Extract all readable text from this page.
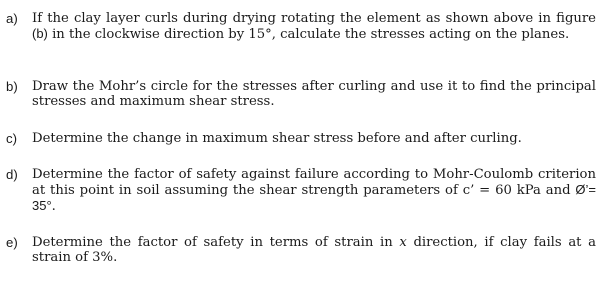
a)	If the clay layer curls during drying rotating the element as shown above in figure (b) in the clockwise direction by 15°, calculate the stresses acting on the planes.
b)	Draw the Mohr’s circle for the stresses after curling and use it to find the principal stresses and maximum shear stress.
c)	Determine the change in maximum shear stress before and after curling.
d)	Determine the factor of safety against failure according to Mohr-Coulomb criterion at this point in soil assuming the shear strength parameters of c’ = 60 kPa and Ø’= 35°.
e)	Determine the factor of safety in terms of strain in x direction, if clay fails at a strain of 3%.
